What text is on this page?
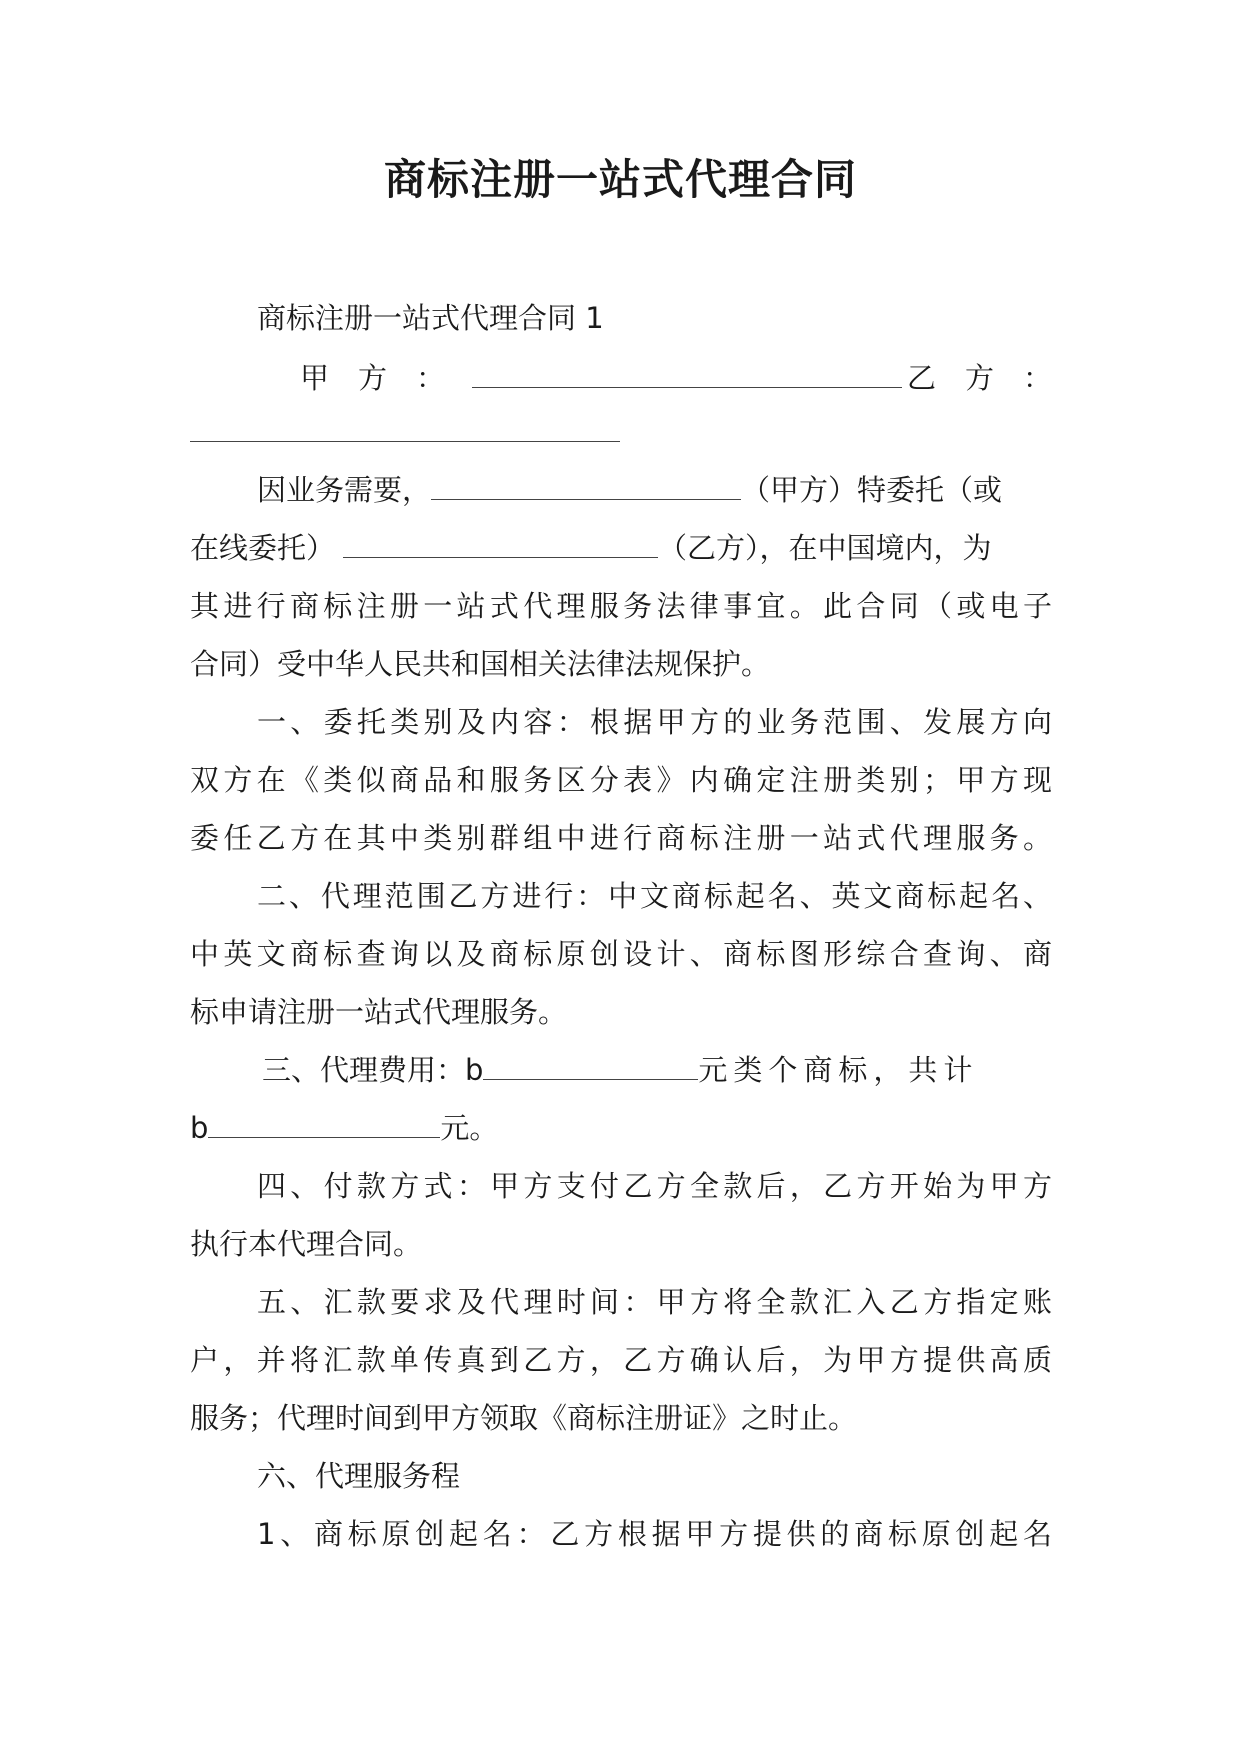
商标注册一站式代理合同
商标注册一站式代理合同 1
甲　方　：	乙　方　：
因业务需要，	（甲方）特委托（或
在线委托）	（乙方），在中国境内，为
其进行商标注册一站式代理服务法律事宜。此合同（或电子
合同）受中华人民共和国相关法律法规保护。
一、委托类别及内容：根据甲方的业务范围、发展方向
双方在《类似商品和服务区分表》内确定注册类别；甲方现
委任乙方在其中类别群组中进行商标注册一站式代理服务。
二、代理范围乙方进行：中文商标起名、英文商标起名、
中英文商标查询以及商标原创设计、商标图形综合查询、商
标申请注册一站式代理服务。
三、代理费用：b	元类个商标，共计
b	元。
四、付款方式：甲方支付乙方全款后，乙方开始为甲方
执行本代理合同。
五、汇款要求及代理时间：甲方将全款汇入乙方指定账
户，并将汇款单传真到乙方，乙方确认后，为甲方提供高质
服务；代理时间到甲方领取《商标注册证》之时止。
六、代理服务程
1、商标原创起名：乙方根据甲方提供的商标原创起名
